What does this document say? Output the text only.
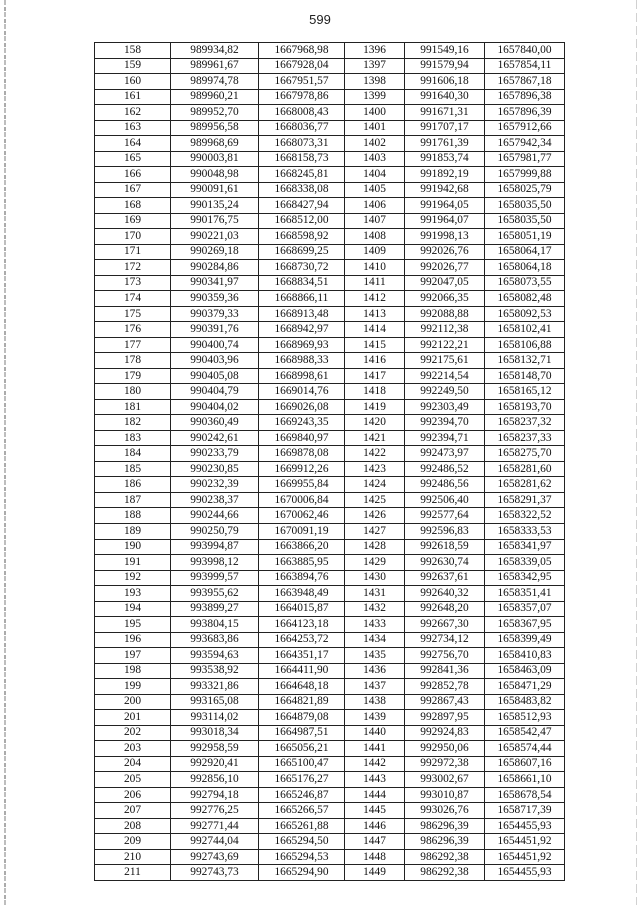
599
158	989934,82	1667968,98	1396	991549,16	1657840,00
159	989961,67	1667928,04	1397	991579,94	1657854,11
160	989974,78	1667951,57	1398	991606,18	1657867,18
161	989960,21	1667978,86	1399	991640,30	1657896,38
162	989952,70	1668008,43	1400	991671,31	1657896,39
163	989956,58	1668036,77	1401	991707,17	1657912,66
164	989968,69	1668073,31	1402	991761,39	1657942,34
165	990003,81	1668158,73	1403	991853,74	1657981,77
166	990048,98	1668245,81	1404	991892,19	1657999,88
167	990091,61	1668338,08	1405	991942,68	1658025,79
168	990135,24	1668427,94	1406	991964,05	1658035,50
169	990176,75	1668512,00	1407	991964,07	1658035,50
170	990221,03	1668598,92	1408	991998,13	1658051,19
171	990269,18	1668699,25	1409	992026,76	1658064,17
172	990284,86	1668730,72	1410	992026,77	1658064,18
173	990341,97	1668834,51	1411	992047,05	1658073,55
174	990359,36	1668866,11	1412	992066,35	1658082,48
175	990379,33	1668913,48	1413	992088,88	1658092,53
176	990391,76	1668942,97	1414	992112,38	1658102,41
177	990400,74	1668969,93	1415	992122,21	1658106,88
178	990403,96	1668988,33	1416	992175,61	1658132,71
179	990405,08	1668998,61	1417	992214,54	1658148,70
180	990404,79	1669014,76	1418	992249,50	1658165,12
181	990404,02	1669026,08	1419	992303,49	1658193,70
182	990360,49	1669243,35	1420	992394,70	1658237,32
183	990242,61	1669840,97	1421	992394,71	1658237,33
184	990233,79	1669878,08	1422	992473,97	1658275,70
185	990230,85	1669912,26	1423	992486,52	1658281,60
186	990232,39	1669955,84	1424	992486,56	1658281,62
187	990238,37	1670006,84	1425	992506,40	1658291,37
188	990244,66	1670062,46	1426	992577,64	1658322,52
189	990250,79	1670091,19	1427	992596,83	1658333,53
190	993994,87	1663866,20	1428	992618,59	1658341,97
191	993998,12	1663885,95	1429	992630,74	1658339,05
192	993999,57	1663894,76	1430	992637,61	1658342,95
193	993955,62	1663948,49	1431	992640,32	1658351,41
194	993899,27	1664015,87	1432	992648,20	1658357,07
195	993804,15	1664123,18	1433	992667,30	1658367,95
196	993683,86	1664253,72	1434	992734,12	1658399,49
197	993594,63	1664351,17	1435	992756,70	1658410,83
198	993538,92	1664411,90	1436	992841,36	1658463,09
199	993321,86	1664648,18	1437	992852,78	1658471,29
200	993165,08	1664821,89	1438	992867,43	1658483,82
201	993114,02	1664879,08	1439	992897,95	1658512,93
202	993018,34	1664987,51	1440	992924,83	1658542,47
203	992958,59	1665056,21	1441	992950,06	1658574,44
204	992920,41	1665100,47	1442	992972,38	1658607,16
205	992856,10	1665176,27	1443	993002,67	1658661,10
206	992794,18	1665246,87	1444	993010,87	1658678,54
207	992776,25	1665266,57	1445	993026,76	1658717,39
208	992771,44	1665261,88	1446	986296,39	1654455,93
209	992744,04	1665294,50	1447	986296,39	1654451,92
210	992743,69	1665294,53	1448	986292,38	1654451,92
211	992743,73	1665294,90	1449	986292,38	1654455,93
